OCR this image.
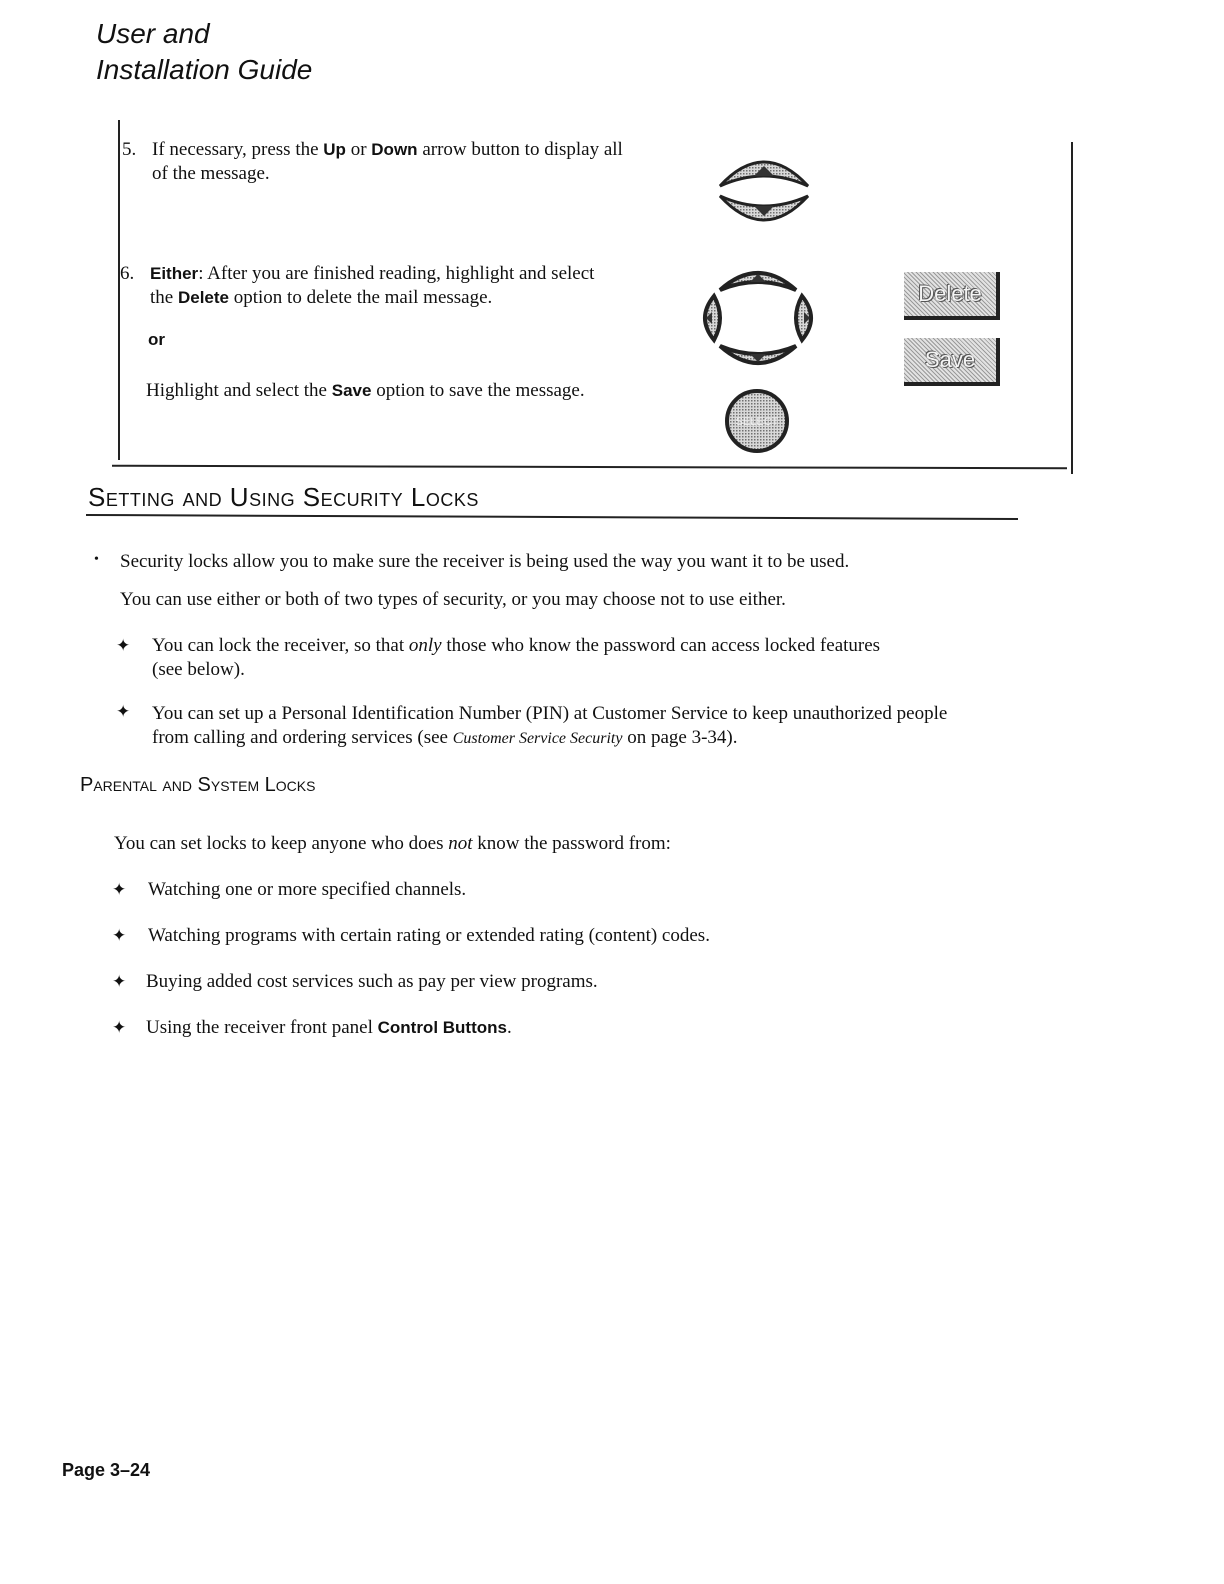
User and
Installation Guide
5. If necessary, press the Up or Down arrow button to display all
of the message.
6. Either: After you are finished reading, highlight and select
the Delete option to delete the mail message.
or
Highlight and select the Save option to save the message.
SELECT
Delete
Save
Setting and Using Security Locks
• Security locks allow you to make sure the receiver is being used the way you want it to be used.
You can use either or both of two types of security, or you may choose not to use either.
✦ You can lock the receiver, so that only those who know the password can access locked features
(see below).
✦ You can set up a Personal Identification Number (PIN) at Customer Service to keep unauthorized people
from calling and ordering services (see Customer Service Security on page 3-34).
Parental and System Locks
You can set locks to keep anyone who does not know the password from:
✦ Watching one or more specified channels.
✦ Watching programs with certain rating or extended rating (content) codes.
✦ Buying added cost services such as pay per view programs.
✦ Using the receiver front panel Control Buttons.
Page 3–24
